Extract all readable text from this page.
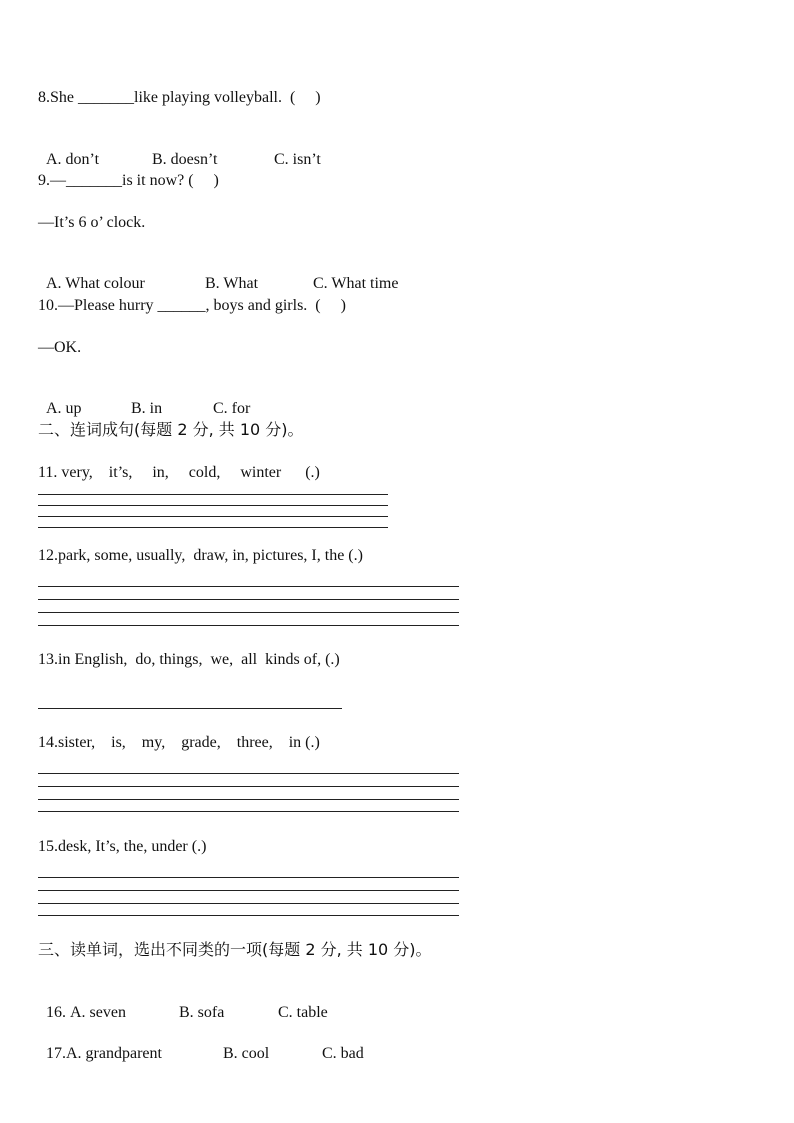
8.She _______like playing volleyball.  (     )

A. don’t	B. doesn’t	C. isn’t

9.—_______is it now? (     )
—It’s 6 o’ clock.

A. What colour	B. What	C. What time

10.—Please hurry ______, boys and girls.  (     )
—OK.

A. up	B. in	C. for

二、连词成句(每题 2 分, 共 10 分)。
11. very,    it’s,     in,     cold,     winter      (.)
12.park, some, usually,  draw, in, pictures, I, the (.)
13.in English,  do, things,  we,  all  kinds of, (.)
14.sister,    is,    my,    grade,    three,    in (.)
15.desk, It’s, the, under (.)
三、读单词，选出不同类的一项(每题 2 分, 共 10 分)。

16. A. seven	B. sofa	C. table

17.A. grandparent	B. cool	C. bad
